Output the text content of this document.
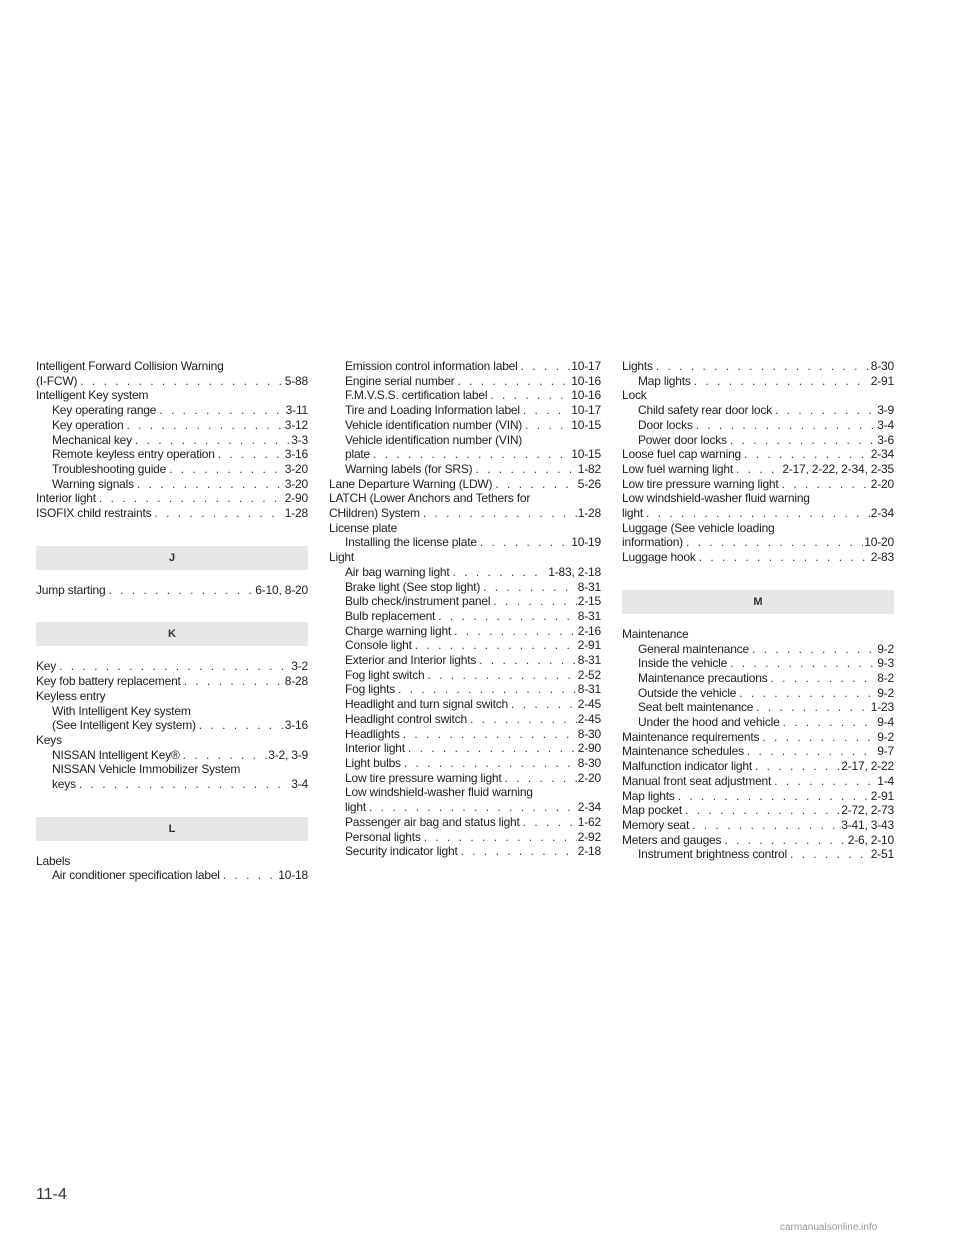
Intelligent Forward Collision Warning
(I-FCW) . . .	5-88
Intelligent Key system
Key operating range . . .	3-11
Key operation . . .	3-12
Mechanical key . . .	3-3
Remote keyless entry operation . . .	3-16
Troubleshooting guide . . .	3-20
Warning signals . . .	3-20
Interior light . . .	2-90
ISOFIX child restraints . . .	1-28
J
Jump starting . . .	6-10, 8-20
K
Key . . .	3-2
Key fob battery replacement . . .	8-28
Keyless entry
With Intelligent Key system
(See Intelligent Key system) . . .	3-16
Keys
NISSAN Intelligent Key® . . .	3-2, 3-9
NISSAN Vehicle Immobilizer System
keys . . .	3-4
L
Labels
Air conditioner specification label . . .	10-18
Emission control information label . . .	10-17
Engine serial number . . .	10-16
F.M.V.S.S. certification label . . .	10-16
Tire and Loading Information label . . .	10-17
Vehicle identification number (VIN) . . .	10-15
Vehicle identification number (VIN)
plate . . .	10-15
Warning labels (for SRS) . . .	1-82
Lane Departure Warning (LDW) . . .	5-26
LATCH (Lower Anchors and Tethers for
CHildren) System . . .	1-28
License plate
Installing the license plate . . .	10-19
Light
Air bag warning light . . .	1-83, 2-18
Brake light (See stop light) . . .	8-31
Bulb check/instrument panel . . .	2-15
Bulb replacement . . .	8-31
Charge warning light . . .	2-16
Console light . . .	2-91
Exterior and Interior lights . . .	8-31
Fog light switch . . .	2-52
Fog lights . . .	8-31
Headlight and turn signal switch . . .	2-45
Headlight control switch . . .	2-45
Headlights . . .	8-30
Interior light . . .	2-90
Light bulbs . . .	8-30
Low tire pressure warning light . . .	2-20
Low windshield-washer fluid warning
light . . .	2-34
Passenger air bag and status light . . .	1-62
Personal lights . . .	2-92
Security indicator light . . .	2-18
Lights . . .	8-30
Map lights . . .	2-91
Lock
Child safety rear door lock . . .	3-9
Door locks . . .	3-4
Power door locks . . .	3-6
Loose fuel cap warning . . .	2-34
Low fuel warning light . . .	2-17, 2-22, 2-34, 2-35
Low tire pressure warning light . . .	2-20
Low windshield-washer fluid warning
light . . .	2-34
Luggage (See vehicle loading
information) . . .	10-20
Luggage hook . . .	2-83
M
Maintenance
General maintenance . . .	9-2
Inside the vehicle . . .	9-3
Maintenance precautions . . .	8-2
Outside the vehicle . . .	9-2
Seat belt maintenance . . .	1-23
Under the hood and vehicle . . .	9-4
Maintenance requirements . . .	9-2
Maintenance schedules . . .	9-7
Malfunction indicator light . . .	2-17, 2-22
Manual front seat adjustment . . .	1-4
Map lights . . .	2-91
Map pocket . . .	2-72, 2-73
Memory seat . . .	3-41, 3-43
Meters and gauges . . .	2-6, 2-10
Instrument brightness control . . .	2-51
11-4
carmanualsonline.info
